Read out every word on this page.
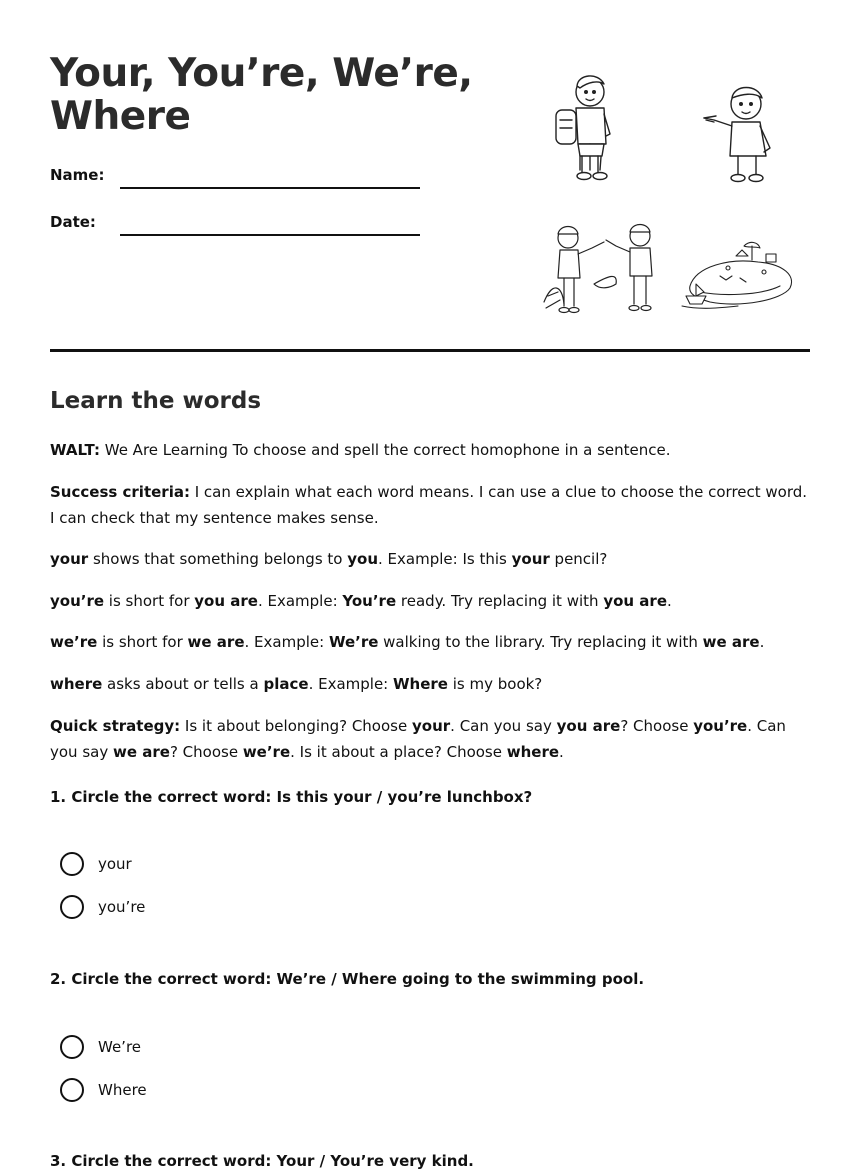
Your, You’re, We’re, Where
Name:
Date:
Learn the words

WALT: We Are Learning To choose and spell the correct homophone in a sentence.

Success criteria: I can explain what each word means. I can use a clue to choose the correct word. I can check that my sentence makes sense.

your shows that something belongs to you. Example: Is this your pencil?

you’re is short for you are. Example: You’re ready. Try replacing it with you are.

we’re is short for we are. Example: We’re walking to the library. Try replacing it with we are.

where asks about or tells a place. Example: Where is my book?

Quick strategy: Is it about belonging? Choose your. Can you say you are? Choose you’re. Can you say we are? Choose we’re. Is it about a place? Choose where.

1. Circle the correct word: Is this your / you’re lunchbox?

your
you’re

2. Circle the correct word: We’re / Where going to the swimming pool.

We’re
Where

3. Circle the correct word: Your / You’re very kind.
